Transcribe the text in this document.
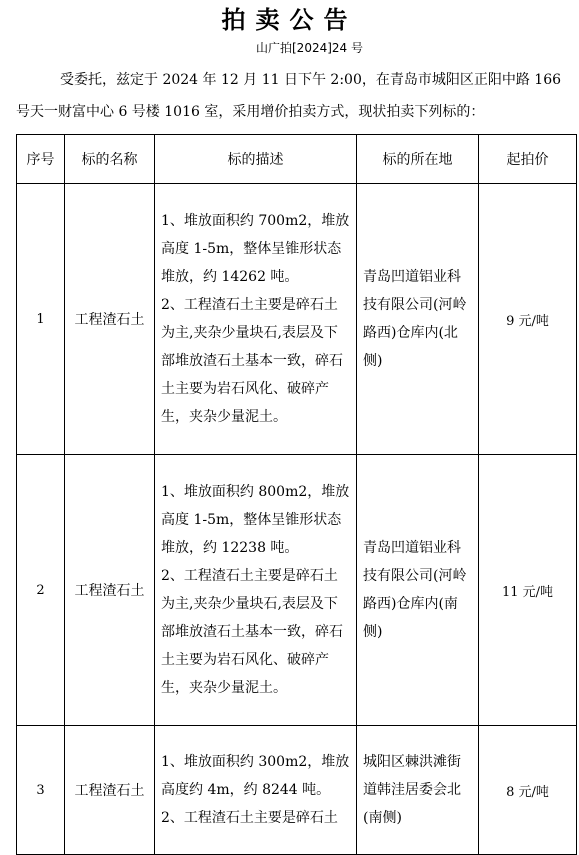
拍卖公告
山广拍[2024]24 号

受委托，兹定于 2024 年 12 月 11 日下午 2:00，在青岛市城阳区正阳中路 166 号天一财富中心 6 号楼 1016 室，采用增价拍卖方式，现状拍卖下列标的：

序号	标的名称	标的描述	标的所在地	起拍价
1	工程渣石土	1、堆放面积约 700m2，堆放高度 1-5m，整体呈锥形状态堆放，约 14262 吨。

2、工程渣石土主要是碎石土为主,夹杂少量块石,表层及下部堆放渣石土基本一致，碎石土主要为岩石风化、破碎产生，夹杂少量泥土。	青岛凹道铝业科技有限公司(河岭路西)仓库内(北侧)	9 元/吨
2	工程渣石土	1、堆放面积约 800m2，堆放高度 1-5m，整体呈锥形状态堆放，约 12238 吨。

2、工程渣石土主要是碎石土为主,夹杂少量块石,表层及下部堆放渣石土基本一致，碎石土主要为岩石风化、破碎产生，夹杂少量泥土。	青岛凹道铝业科技有限公司(河岭路西)仓库内(南侧)	11 元/吨
3	工程渣石土	1、堆放面积约 300m2，堆放高度约 4m，约 8244 吨。

2、工程渣石土主要是碎石土	城阳区棘洪滩街道韩洼居委会北(南侧)	8 元/吨
